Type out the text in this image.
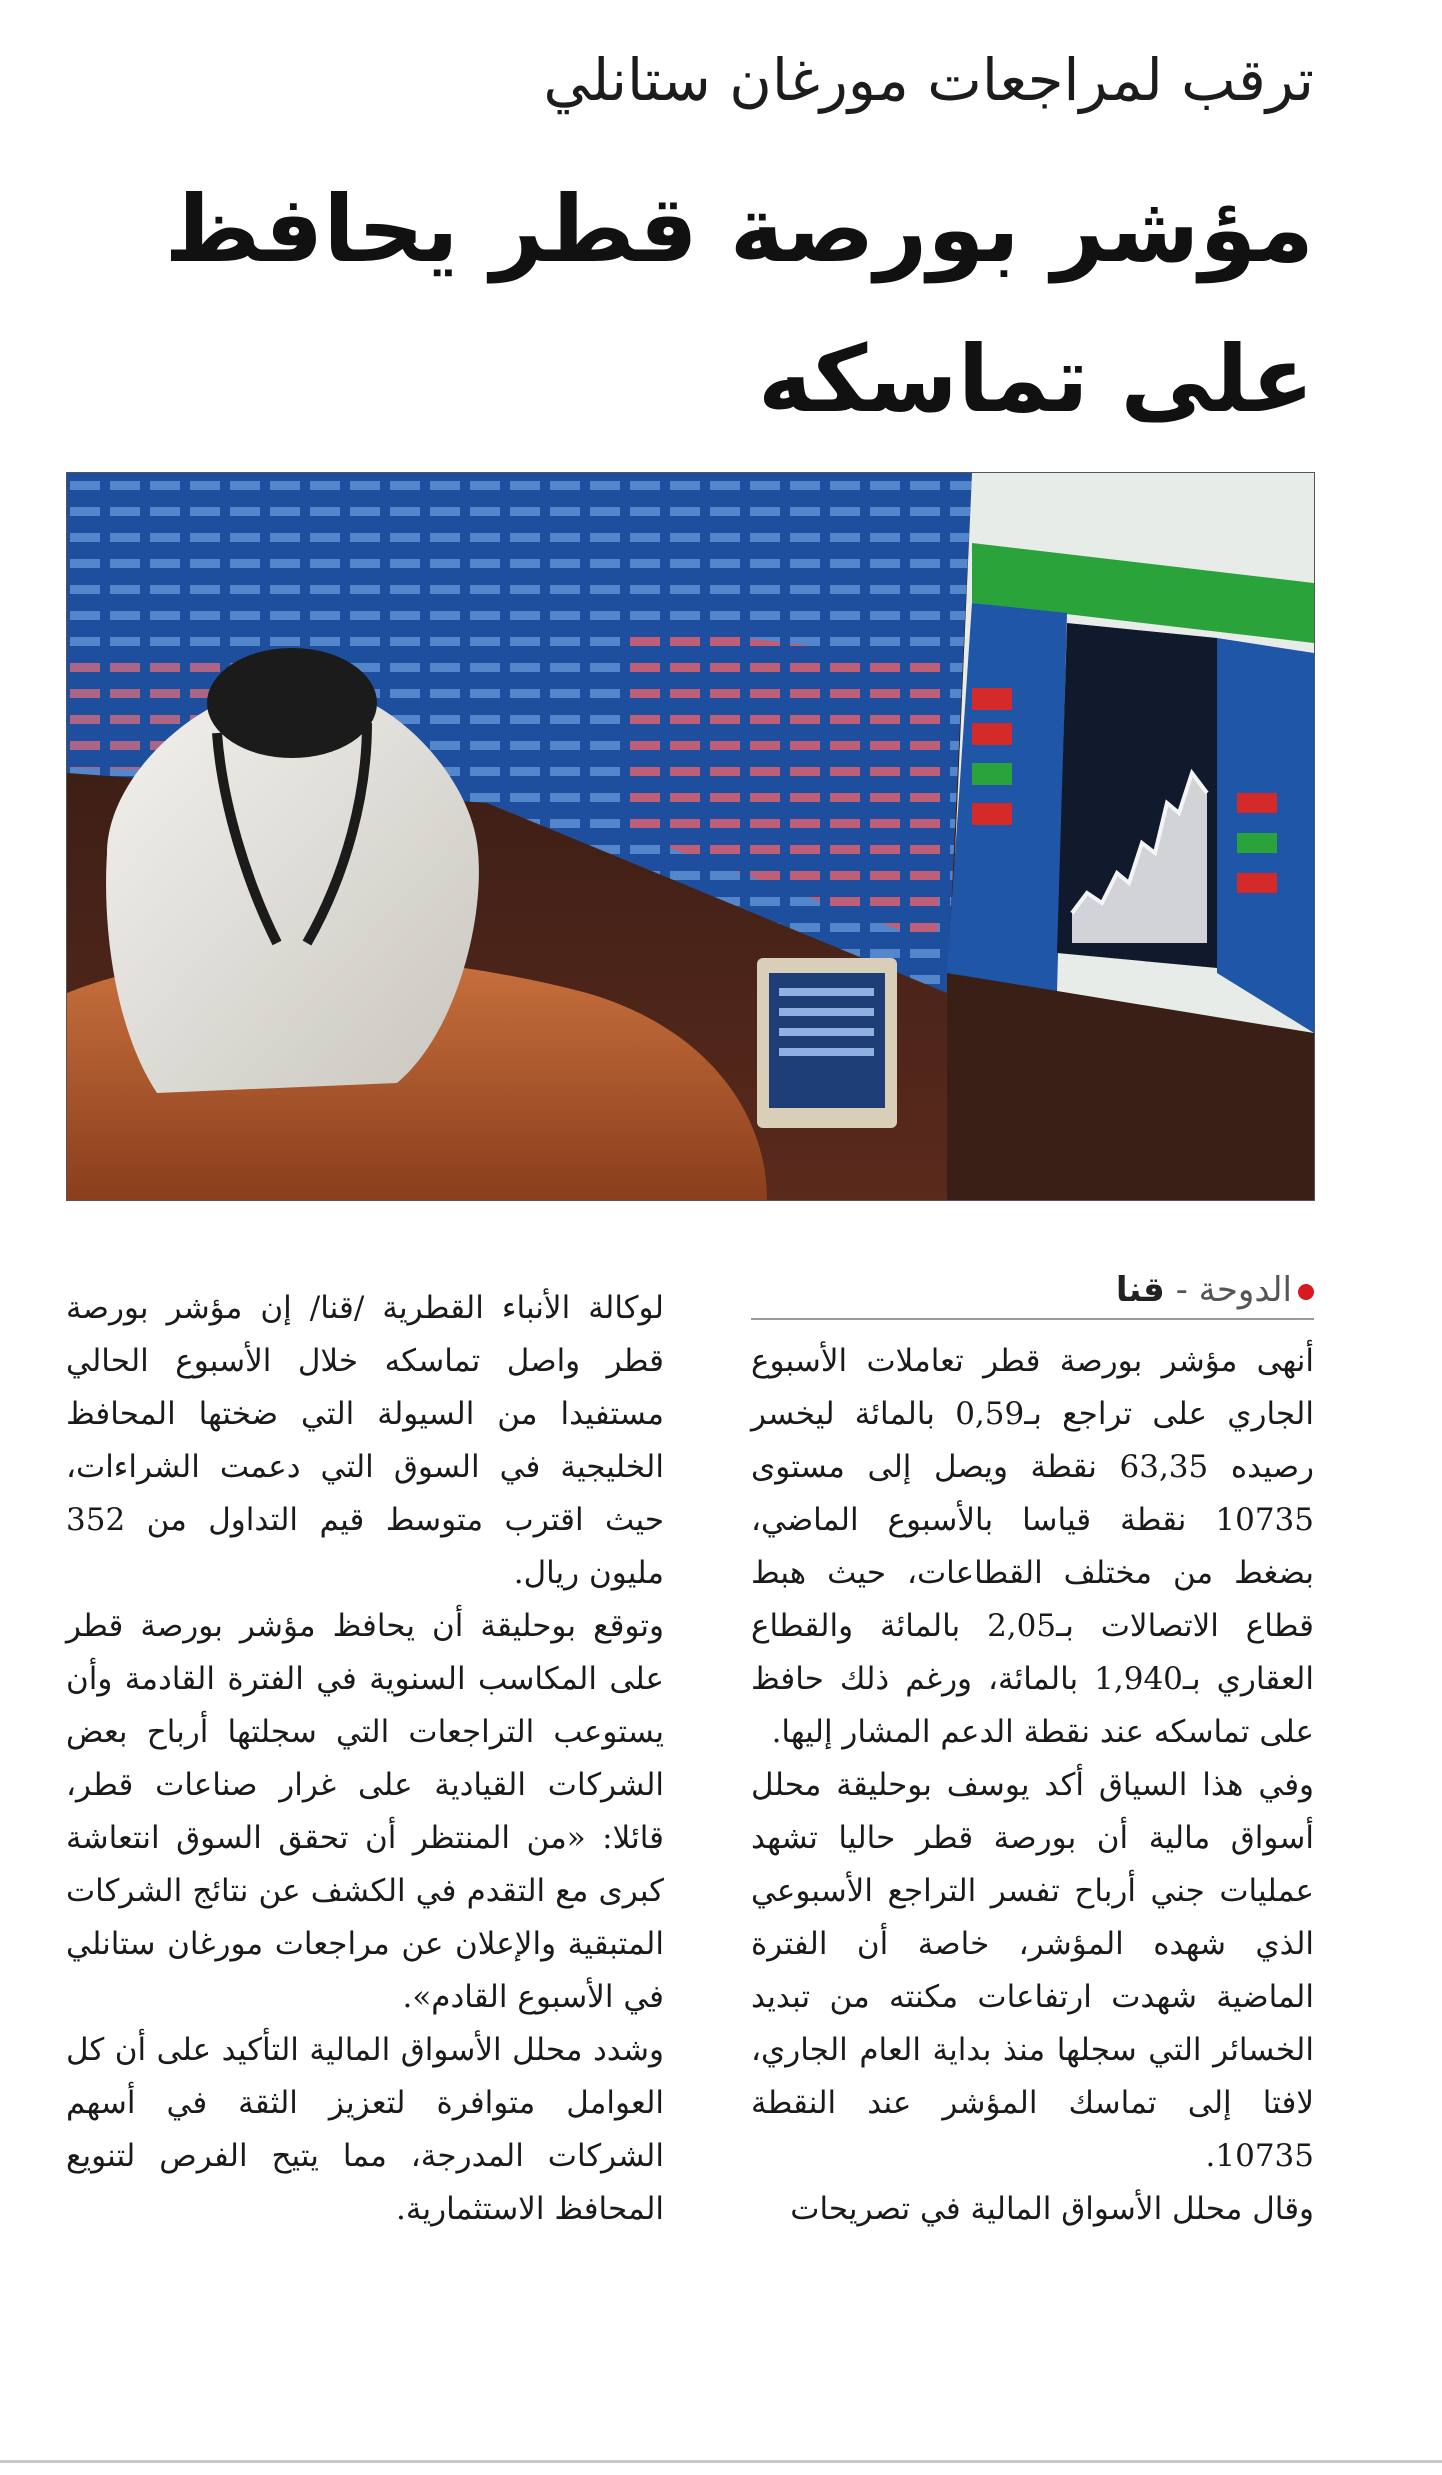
ترقب لمراجعات مورغان ستانلي
مؤشر بورصة قطر يحافظ
على تماسكه
الدوحة - قنا

أنهى مؤشر بورصة قطر تعاملات الأسبوع الجاري على تراجع بـ0,59 بالمائة ليخسر رصيده 63,35 نقطة ويصل إلى مستوى 10735 نقطة قياسا بالأسبوع الماضي، بضغط من مختلف القطاعات، حيث هبط قطاع الاتصالات بـ2,05 بالمائة والقطاع العقاري بـ1,940 بالمائة، ورغم ذلك حافظ على تماسكه عند نقطة الدعم المشار إليها.

وفي هذا السياق أكد يوسف بوحليقة محلل أسواق مالية أن بورصة قطر حاليا تشهد عمليات جني أرباح تفسر التراجع الأسبوعي الذي شهده المؤشر، خاصة أن الفترة الماضية شهدت ارتفاعات مكنته من تبديد الخسائر التي سجلها منذ بداية العام الجاري، لافتا إلى تماسك المؤشر عند النقطة 10735.

وقال محلل الأسواق المالية في تصريحات

لوكالة الأنباء القطرية /قنا/ إن مؤشر بورصة قطر واصل تماسكه خلال الأسبوع الحالي مستفيدا من السيولة التي ضختها المحافظ الخليجية في السوق التي دعمت الشراءات، حيث اقترب متوسط قيم التداول من 352 مليون ريال.

وتوقع بوحليقة أن يحافظ مؤشر بورصة قطر على المكاسب السنوية في الفترة القادمة وأن يستوعب التراجعات التي سجلتها أرباح بعض الشركات القيادية على غرار صناعات قطر، قائلا: «من المنتظر أن تحقق السوق انتعاشة كبرى مع التقدم في الكشف عن نتائج الشركات المتبقية والإعلان عن مراجعات مورغان ستانلي في الأسبوع القادم».

وشدد محلل الأسواق المالية التأكيد على أن كل العوامل متوافرة لتعزيز الثقة في أسهم الشركات المدرجة، مما يتيح الفرص لتنويع المحافظ الاستثمارية.
